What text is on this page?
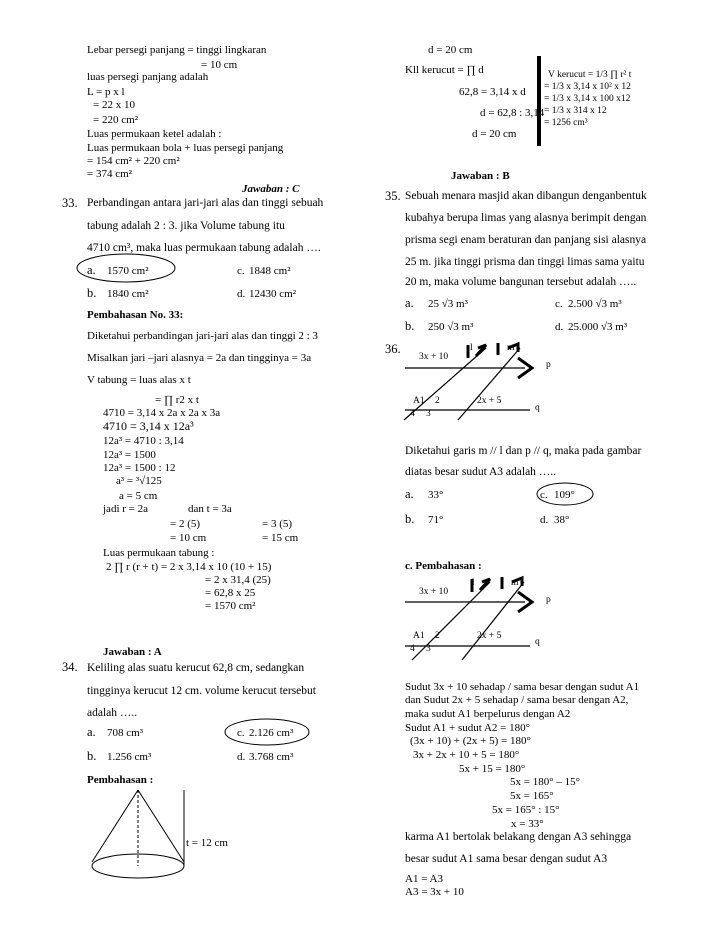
Lebar persegi panjang = tinggi lingkaran
= 10 cm
luas persegi panjang adalah
L = p x l
= 22 x 10
= 220 cm²
Luas permukaan ketel adalah :
Luas permukaan bola + luas persegi panjang
= 154 cm² + 220 cm²
= 374 cm²
Jawaban : C
33. Perbandingan antara jari-jari alas dan tinggi sebuah
tabung adalah 2 : 3. jika Volume tabung itu
4710 cm³, maka luas permukaan tabung adalah ….
a. 1570 cm²	c. 1848 cm²
b. 1840 cm²	d. 12430 cm²
Pembahasan No. 33:
Diketahui perbandingan jari-jari alas dan tinggi 2 : 3
Misalkan jari –jari alasnya = 2a dan tingginya = 3a
V tabung = luas alas x t
= ∏ r2 x t
4710 = 3,14 x 2a x 2a x 3a
4710 = 3,14 x 12a³
12a³ = 4710 : 3,14
12a³ = 1500
12a³ = 1500 : 12
a³ = ³√125
a = 5 cm
jadi r = 2a	dan t = 3a
= 2 (5)	= 3 (5)
= 10 cm	= 15 cm
Luas permukaan tabung :
2 ∏ r (r + t) = 2 x 3,14 x 10 (10 + 15)
= 2 x 31,4 (25)
= 62,8 x 25
= 1570 cm²
Jawaban : A
34. Keliling alas suatu kerucut 62,8 cm, sedangkan
tingginya kerucut 12 cm. volume kerucut tersebut
adalah …..
a. 708 cm³	c. 2.126 cm³
b. 1.256 cm³	d. 3.768 cm³
Pembahasan :
t = 12 cm
d = 20 cm
Kll kerucut = ∏ d
62,8 = 3,14 x d
d = 62,8 : 3,14
d = 20 cm
V kerucut = 1/3 ∏ r² t
= 1/3 x 3,14 x 10² x 12
= 1/3 x 3,14 x 100 x12
= 1/3 x 314 x 12
= 1256 cm³
Jawaban : B
35. Sebuah menara masjid akan dibangun denganbentuk
kubahya berupa limas yang alasnya berimpit dengan
prisma segi enam beraturan dan panjang sisi alasnya
25 m. jika tinggi prisma dan tinggi limas sama yaitu
20 m, maka volume bangunan tersebut adalah …..
a. 25 √3 m³	c. 2.500 √3 m³
b. 250 √3 m³	d. 25.000 √3 m³
36.
3x + 10
l	m
p
A1 2	2x + 5
q
4 3
Diketahui garis m // l dan p // q, maka pada gambar
diatas besar sudut A3 adalah …..
a. 33°	c. 109°
b. 71°	d. 38°
c. Pembahasan :
3x + 10
l	m
p
A1 2	2x + 5
q
4 3
Sudut 3x + 10 sehadap / sama besar dengan sudut A1
dan Sudut 2x + 5 sehadap / sama besar dengan A2,
maka sudut A1 berpelurus dengan A2
Sudut A1 + sudut A2 = 180°
(3x + 10) + (2x + 5) = 180°
3x + 2x + 10 + 5 = 180°
5x + 15 = 180°
5x = 180° – 15°
5x = 165°
5x = 165° : 15°
x = 33°
karma A1 bertolak belakang dengan A3 sehingga
besar sudut A1 sama besar dengan sudut A3
A1 = A3
A3 = 3x + 10
